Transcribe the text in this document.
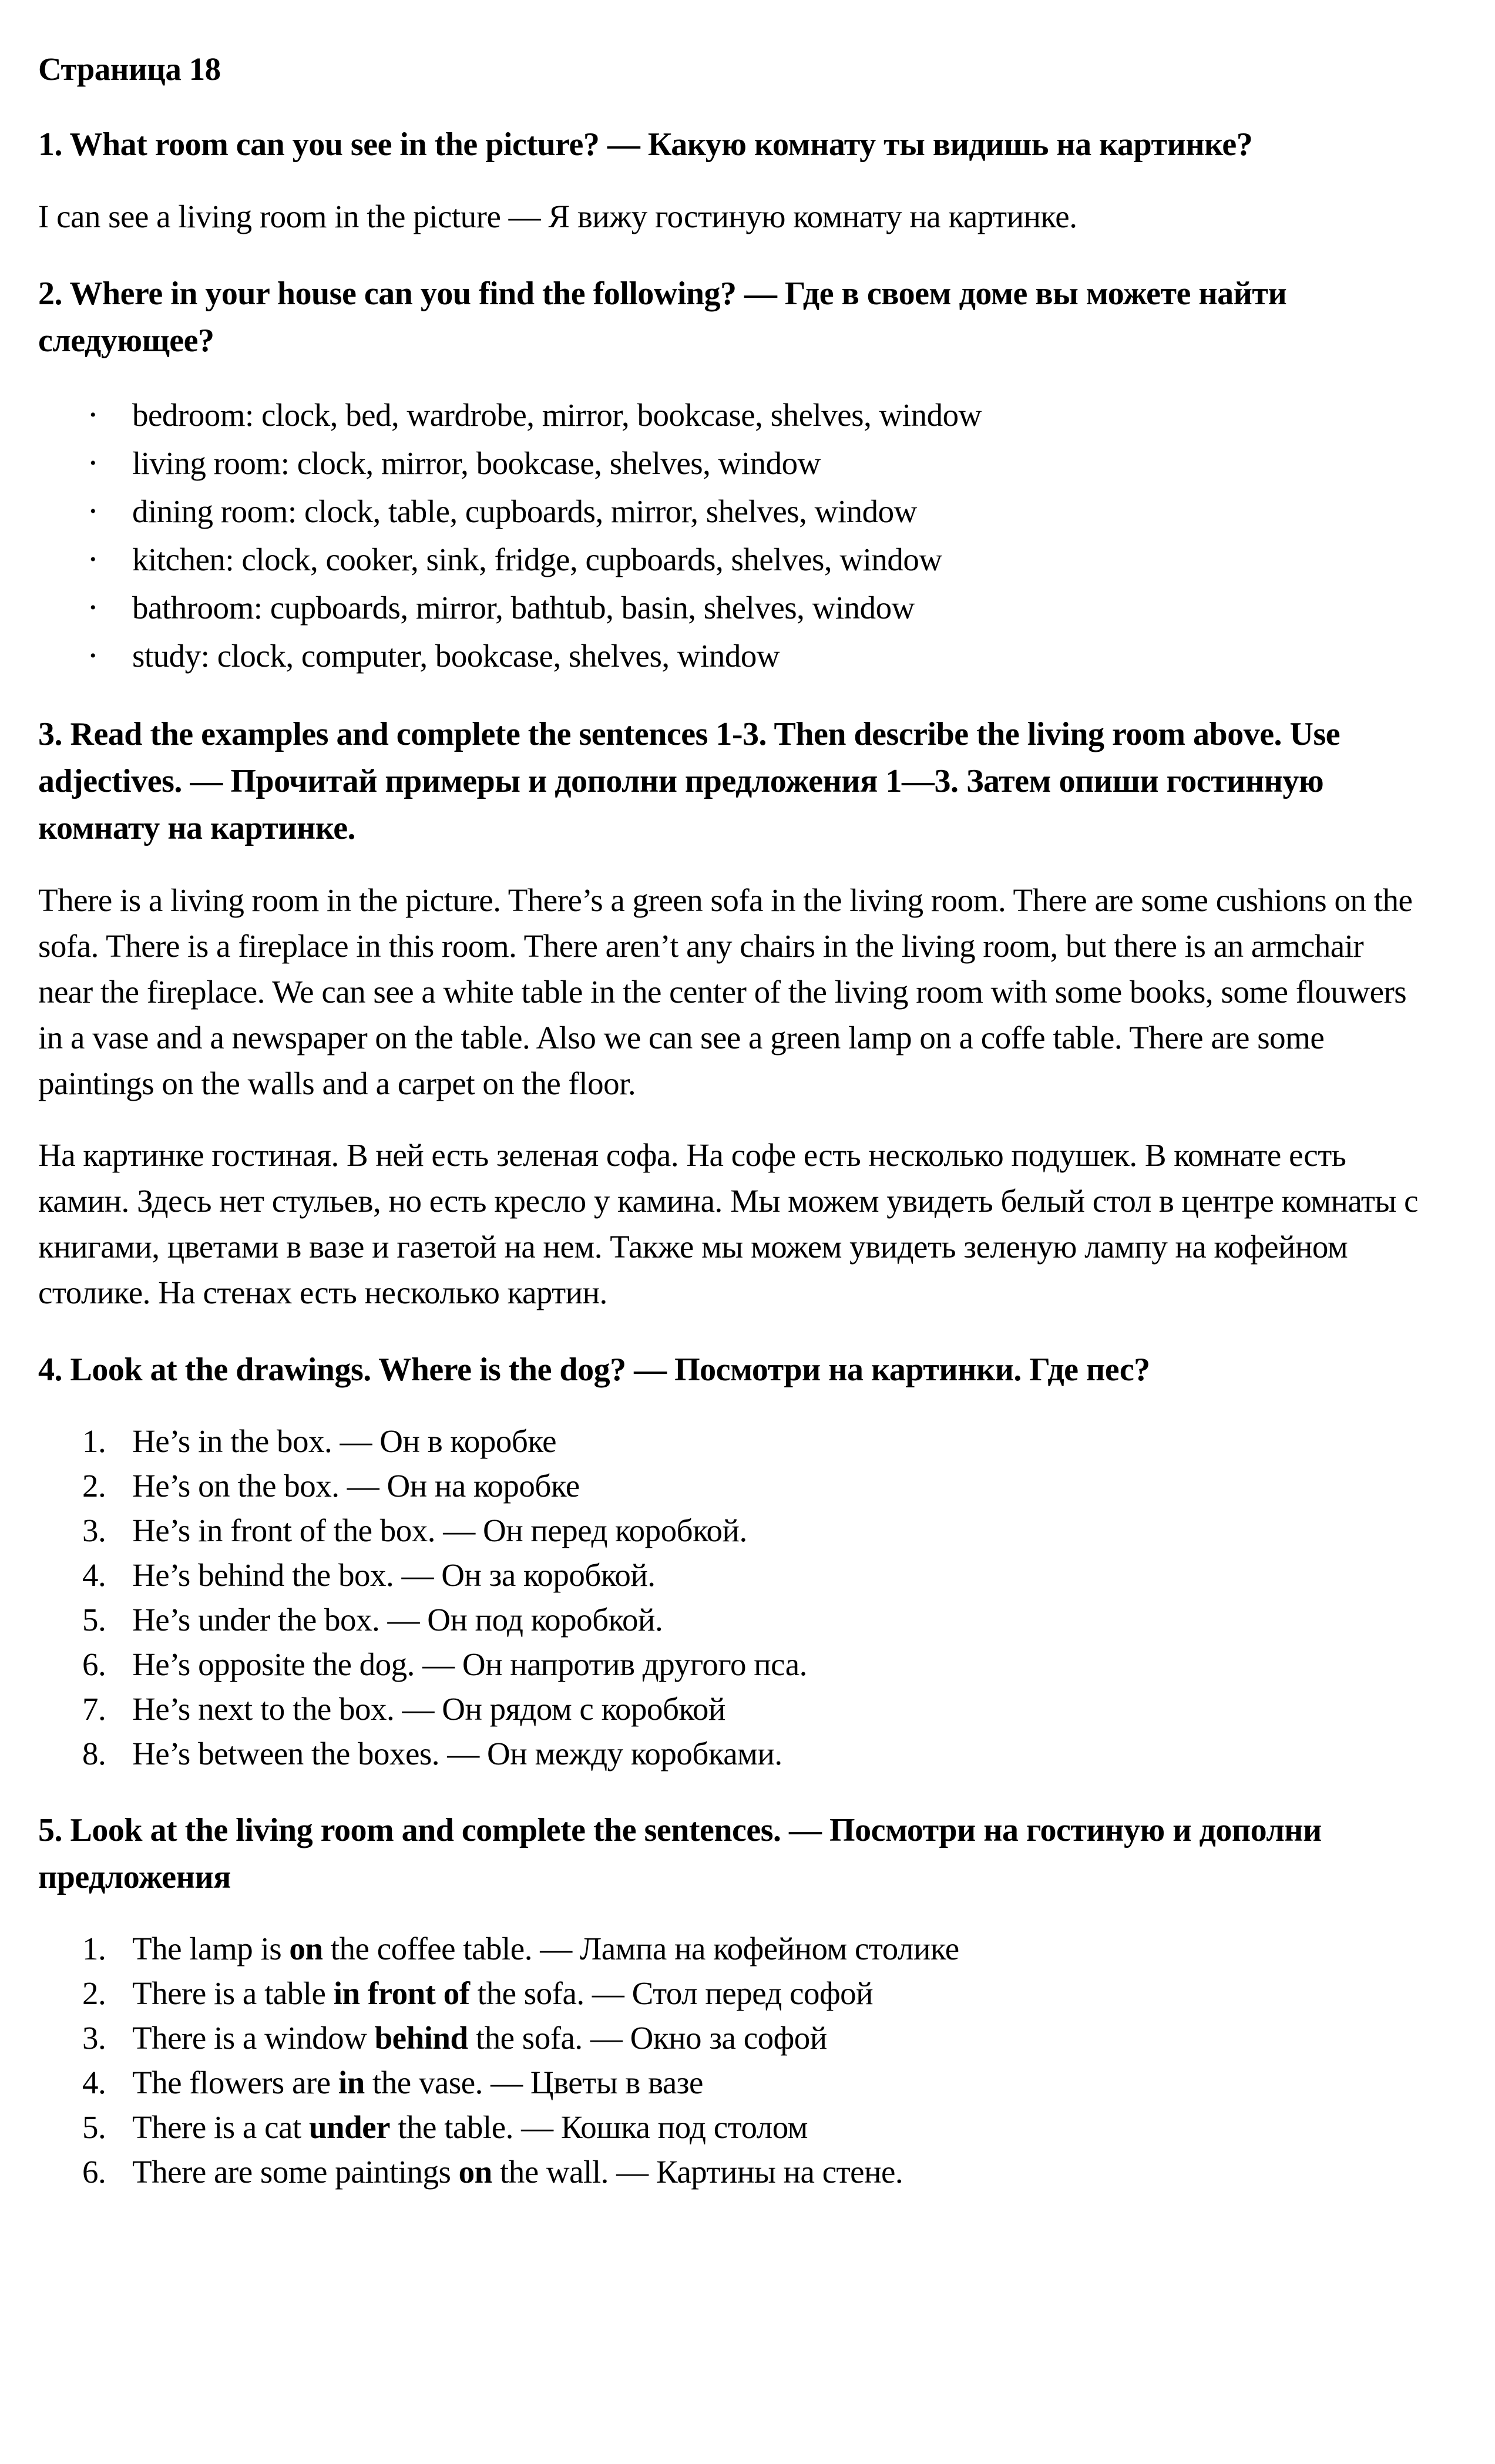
Страница 18
1. What room can you see in the picture? — Какую комнату ты видишь на картинке?

I can see a living room in the picture — Я вижу гостиную комнату на картинке.

2. Where in your house can you find the following? — Где в своем доме вы можете найти следующее?
• bedroom: clock, bed, wardrobe, mirror, bookcase, shelves, window
• living room: clock, mirror, bookcase, shelves, window
• dining room: clock, table, cupboards, mirror, shelves, window
• kitchen: clock, cooker, sink, fridge, cupboards, shelves, window
• bathroom: cupboards, mirror, bathtub, basin, shelves, window
• study: clock, computer, bookcase, shelves, window
3. Read the examples and complete the sentences 1-3. Then describe the living room above. Use adjectives. — Прочитай примеры и дополни предложения 1—3. Затем опиши гостинную комнату на картинке.

There is a living room in the picture. There’s a green sofa in the living room. There are some cushions on the sofa. There is a fireplace in this room. There aren’t any chairs in the living room, but there is an armchair near the fireplace. We can see a white table in the center of the living room with some books, some flouwers in a vase and a newspaper on the table. Also we can see a green lamp on a coffe table. There are some paintings on the walls and a carpet on the floor.

На картинке гостиная. В ней есть зеленая софа. На софе есть несколько подушек. В комнате есть камин. Здесь нет стульев, но есть кресло у камина. Мы можем увидеть белый стол в центре комнаты с книгами, цветами в вазе и газетой на нем. Также мы можем увидеть зеленую лампу на кофейном столике. На стенах есть несколько картин.

4. Look at the drawings. Where is the dog? — Посмотри на картинки. Где пес?
1. He’s in the box. — Он в коробке
2. He’s on the box. — Он на коробке
3. He’s in front of the box. — Он перед коробкой.
4. He’s behind the box. — Он за коробкой.
5. He’s under the box. — Он под коробкой.
6. He’s opposite the dog. — Он напротив другого пса.
7. He’s next to the box. — Он рядом с коробкой
8. He’s between the boxes. — Он между коробками.
5. Look at the living room and complete the sentences. — Посмотри на гостиную и дополни предложения
1. The lamp is on the coffee table. — Лампа на кофейном столике
2. There is a table in front of the sofa. — Стол перед софой
3. There is a window behind the sofa. — Окно за софой
4. The flowers are in the vase. — Цветы в вазе
5. There is a cat under the table. — Кошка под столом
6. There are some paintings on the wall. — Картины на стене.
